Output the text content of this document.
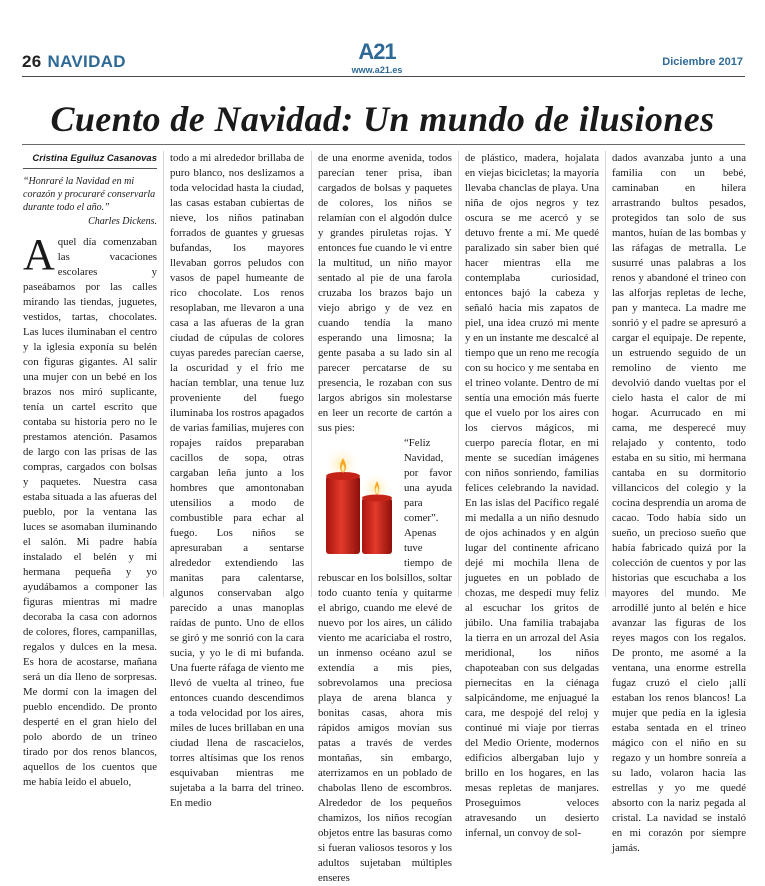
26 NAVIDAD	A21
www.a21.es
Diciembre 2017
Cuento de Navidad: Un mundo de ilusiones
Cristina Eguiluz Casanovas

“Honraré la Navidad en mi corazón y procuraré conservarla durante todo el año.”

Charles Dickens.

Aquel día comenzaban las vacaciones escolares y paseábamos por las calles mirando las tiendas, juguetes, vestidos, tartas, chocolates. Las luces iluminaban el centro y la iglesia exponía su belén con figuras gigantes. Al salir una mujer con un bebé en los brazos nos miró suplicante, tenía un cartel escrito que contaba su historia pero no le prestamos atención. Pasamos de largo con las prisas de las compras, cargados con bolsas y paquetes. Nuestra casa estaba situada a las afueras del pueblo, por la ventana las luces se asomaban iluminando el salón. Mi padre había instalado el belén y mi hermana pequeña y yo ayudábamos a componer las figuras mientras mi madre decoraba la casa con adornos de colores, flores, campanillas, regalos y dulces en la mesa. Es hora de acostarse, mañana será un día lleno de sorpresas. Me dormí con la imagen del pueblo encendido. De pronto desperté en el gran hielo del polo abordo de un trineo tirado por dos renos blancos, aquellos de los cuentos que me había leído el abuelo,

todo a mi alrededor brillaba de puro blanco, nos deslizamos a toda velocidad hasta la ciudad, las casas estaban cubiertas de nieve, los niños patinaban forrados de guantes y gruesas bufandas, los mayores llevaban gorros peludos con vasos de papel humeante de rico chocolate. Los renos resoplaban, me llevaron a una casa a las afueras de la gran ciudad de cúpulas de colores cuyas paredes parecían caerse, la oscuridad y el frío me hacían temblar, una tenue luz proveniente del fuego iluminaba los rostros apagados de varias familias, mujeres con ropajes raídos preparaban cacillos de sopa, otras cargaban leña junto a los hombres que amontonaban utensilios a modo de combustible para echar al fuego. Los niños se apresuraban a sentarse alrededor extendiendo las manitas para calentarse, algunos conservaban algo parecido a unas manoplas raídas de punto. Uno de ellos se giró y me sonrió con la cara sucia, y yo le di mi bufanda. Una fuerte ráfaga de viento me llevó de vuelta al trineo, fue entonces cuando descendimos a toda velocidad por los aires, miles de luces brillaban en una ciudad llena de rascacielos, torres altísimas que los renos esquivaban mientras me sujetaba a la barra del trineo. En medio

de una enorme avenida, todos parecían tener prisa, iban cargados de bolsas y paquetes de colores, los niños se relamían con el algodón dulce y grandes piruletas rojas. Y entonces fue cuando le vi entre la multitud, un niño mayor sentado al pie de una farola cruzaba los brazos bajo un viejo abrigo y de vez en cuando tendía la mano esperando una limosna; la gente pasaba a su lado sin al parecer percatarse de su presencia, le rozaban con sus largos abrigos sin molestarse en leer un recorte de cartón a sus pies:

“Feliz Navidad, por favor una ayuda para comer”.

Apenas tuve tiempo de rebuscar en los bolsillos, soltar todo cuanto tenía y quitarme el abrigo, cuando me elevé de nuevo por los aires, un cálido viento me acariciaba el rostro, un inmenso océano azul se extendía a mis pies, sobrevolamos una preciosa playa de arena blanca y bonitas casas, ahora mis rápidos amigos movían sus patas a través de verdes montañas, sin embargo, aterrizamos en un poblado de chabolas lleno de escombros. Alrededor de los pequeños chamizos, los niños recogían objetos entre las basuras como si fueran valiosos tesoros y los adultos sujetaban múltiples enseres

de plástico, madera, hojalata en viejas bicicletas; la mayoría llevaba chanclas de playa. Una niña de ojos negros y tez oscura se me acercó y se detuvo frente a mí. Me quedé paralizado sin saber bien qué hacer mientras ella me contemplaba curiosidad, entonces bajó la cabeza y señaló hacia mis zapatos de piel, una idea cruzó mi mente y en un instante me descalcé al tiempo que un reno me recogía con su hocico y me sentaba en el trineo volante. Dentro de mí sentía una emoción más fuerte que el vuelo por los aires con los ciervos mágicos, mi cuerpo parecía flotar, en mi mente se sucedían imágenes con niños sonriendo, familias felices celebrando la navidad. En las islas del Pacífico regalé mi medalla a un niño desnudo de ojos achinados y en algún lugar del continente africano dejé mi mochila llena de juguetes en un poblado de chozas, me despedí muy feliz al escuchar los gritos de júbilo. Una familia trabajaba la tierra en un arrozal del Asia meridional, los niños chapoteaban con sus delgadas piernecitas en la ciénaga salpicándome, me enjuagué la cara, me despojé del reloj y continué mi viaje por tierras del Medio Oriente, modernos edificios albergaban lujo y brillo en los hogares, en las mesas repletas de manjares. Proseguimos veloces atravesando un desierto infernal, un convoy de sol-

dados avanzaba junto a una familia con un bebé, caminaban en hilera arrastrando bultos pesados, protegidos tan solo de sus mantos, huían de las bombas y las ráfagas de metralla. Le susurré unas palabras a los renos y abandoné el trineo con las alforjas repletas de leche, pan y manteca. La madre me sonrió y el padre se apresuró a cargar el equipaje. De repente, un estruendo seguido de un remolino de viento me devolvió dando vueltas por el cielo hasta el calor de mi hogar. Acurrucado en mi cama, me desperecé muy relajado y contento, todo estaba en su sitio, mi hermana cantaba en su dormitorio villancicos del colegio y la cocina desprendía un aroma de cacao. Todo había sido un sueño, un precioso sueño que había fabricado quizá por la colección de cuentos y por las historias que escuchaba a los mayores del mundo. Me arrodillé junto al belén e hice avanzar las figuras de los reyes magos con los regalos. De pronto, me asomé a la ventana, una enorme estrella fugaz cruzó el cielo ¡allí estaban los renos blancos! La mujer que pedía en la iglesia estaba sentada en el trineo mágico con el niño en su regazo y un hombre sonreía a su lado, volaron hacia las estrellas y yo me quedé absorto con la nariz pegada al cristal. La navidad se instaló en mi corazón por siempre jamás.
